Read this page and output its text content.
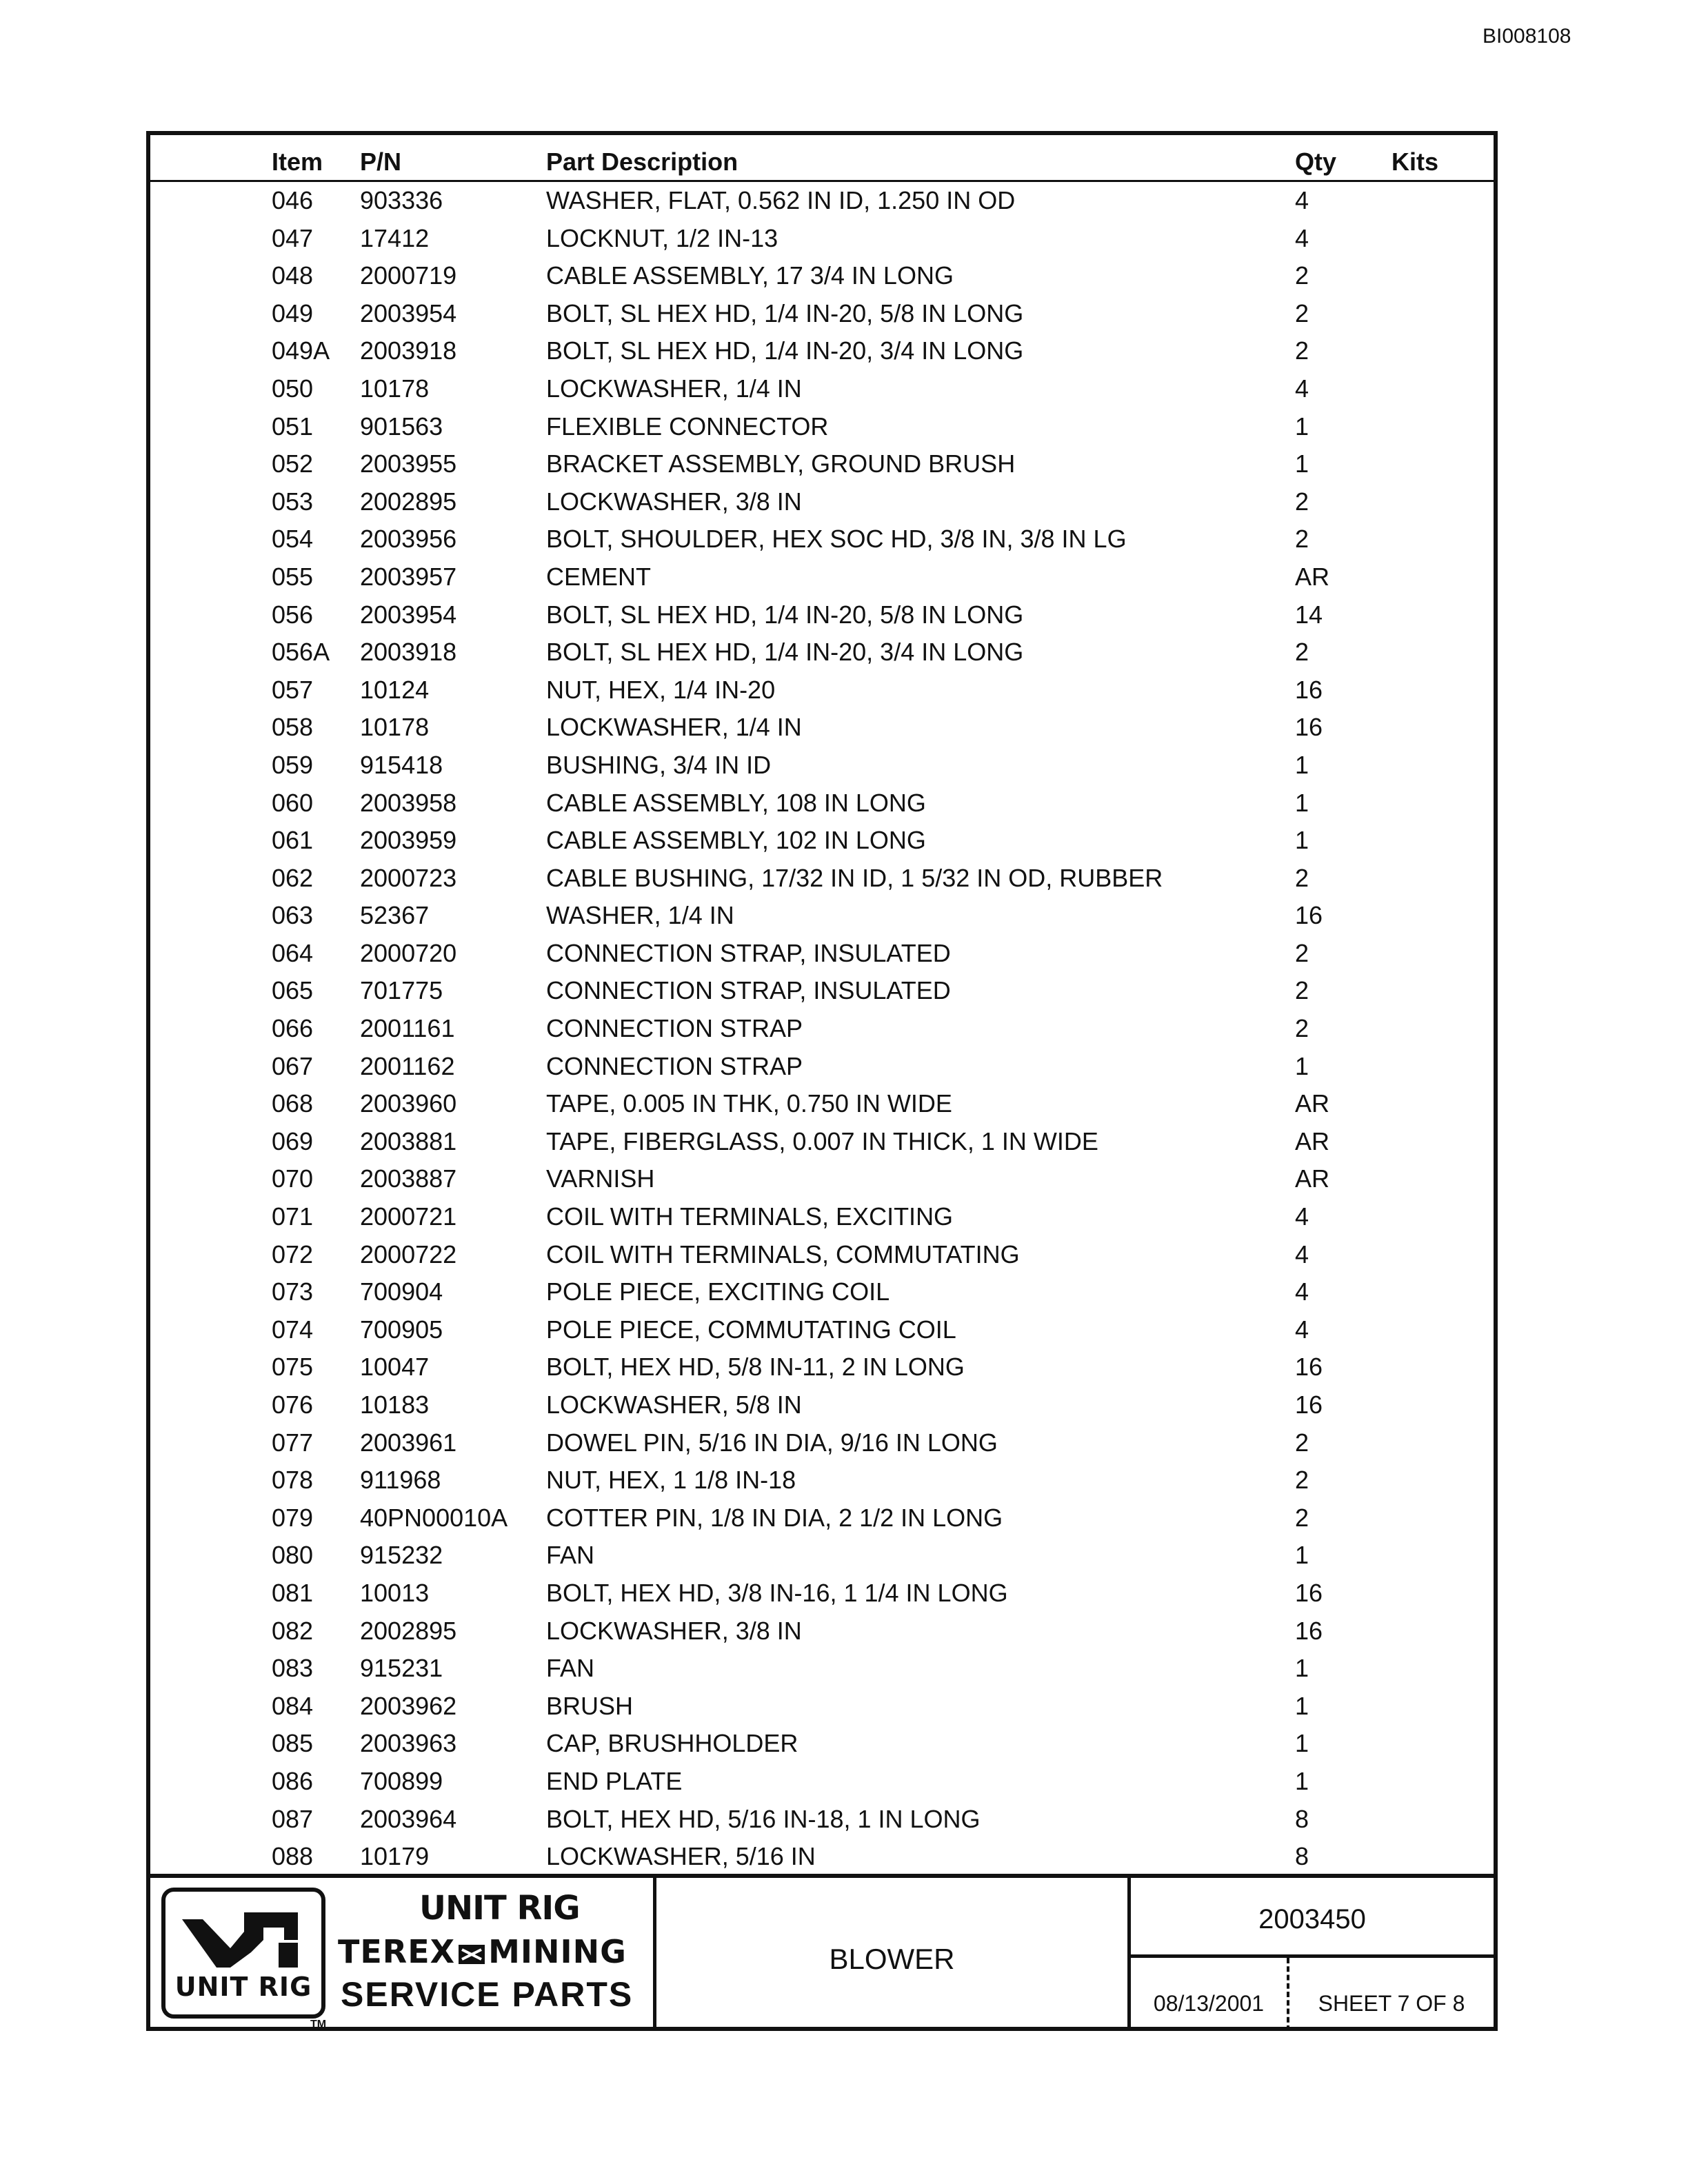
BI008108
Item P/N	Part Description	Qty Kits
046 903336	WASHER, FLAT, 0.562 IN ID, 1.250 IN OD	4
047 17412	LOCKNUT, 1/2 IN-13	4
048 2000719	CABLE ASSEMBLY, 17 3/4 IN LONG	2
049 2003954	BOLT, SL HEX HD, 1/4 IN-20, 5/8 IN LONG	2
049A 2003918	BOLT, SL HEX HD, 1/4 IN-20, 3/4 IN LONG	2
050 10178	LOCKWASHER, 1/4 IN	4
051 901563	FLEXIBLE CONNECTOR	1
052 2003955	BRACKET ASSEMBLY, GROUND BRUSH	1
053 2002895	LOCKWASHER, 3/8 IN	2
054 2003956	BOLT, SHOULDER, HEX SOC HD, 3/8 IN, 3/8 IN LG	2
055 2003957	CEMENT	AR
056 2003954	BOLT, SL HEX HD, 1/4 IN-20, 5/8 IN LONG	14
056A 2003918	BOLT, SL HEX HD, 1/4 IN-20, 3/4 IN LONG	2
057 10124	NUT, HEX, 1/4 IN-20	16
058 10178	LOCKWASHER, 1/4 IN	16
059 915418	BUSHING, 3/4 IN ID	1
060 2003958	CABLE ASSEMBLY, 108 IN LONG	1
061 2003959	CABLE ASSEMBLY, 102 IN LONG	1
062 2000723	CABLE BUSHING, 17/32 IN ID, 1 5/32 IN OD, RUBBER	2
063 52367	WASHER, 1/4 IN	16
064 2000720	CONNECTION STRAP, INSULATED	2
065 701775	CONNECTION STRAP, INSULATED	2
066 2001161	CONNECTION STRAP	2
067 2001162	CONNECTION STRAP	1
068 2003960	TAPE, 0.005 IN THK, 0.750 IN WIDE	AR
069 2003881	TAPE, FIBERGLASS, 0.007 IN THICK, 1 IN WIDE	AR
070 2003887	VARNISH	AR
071 2000721	COIL WITH TERMINALS, EXCITING	4
072 2000722	COIL WITH TERMINALS, COMMUTATING	4
073 700904	POLE PIECE, EXCITING COIL	4
074 700905	POLE PIECE, COMMUTATING COIL	4
075 10047	BOLT, HEX HD, 5/8 IN-11, 2 IN LONG	16
076 10183	LOCKWASHER, 5/8 IN	16
077 2003961	DOWEL PIN, 5/16 IN DIA, 9/16 IN LONG	2
078 911968	NUT, HEX, 1 1/8 IN-18	2
079 40PN00010A COTTER PIN, 1/8 IN DIA, 2 1/2 IN LONG	2
080 915232	FAN	1
081 10013	BOLT, HEX HD, 3/8 IN-16, 1 1/4 IN LONG	16
082 2002895	LOCKWASHER, 3/8 IN	16
083 915231	FAN	1
084 2003962	BRUSH	1
085 2003963	CAP, BRUSHHOLDER	1
086 700899	END PLATE	1
087 2003964	BOLT, HEX HD, 5/16 IN-18, 1 IN LONG	8
088 10179	LOCKWASHER, 5/16 IN	8
UNIT RIG
TM
UNIT RIG
TEREX MINING
SERVICE PARTS
BLOWER
2003450
08/13/2001	SHEET 7 OF 8
